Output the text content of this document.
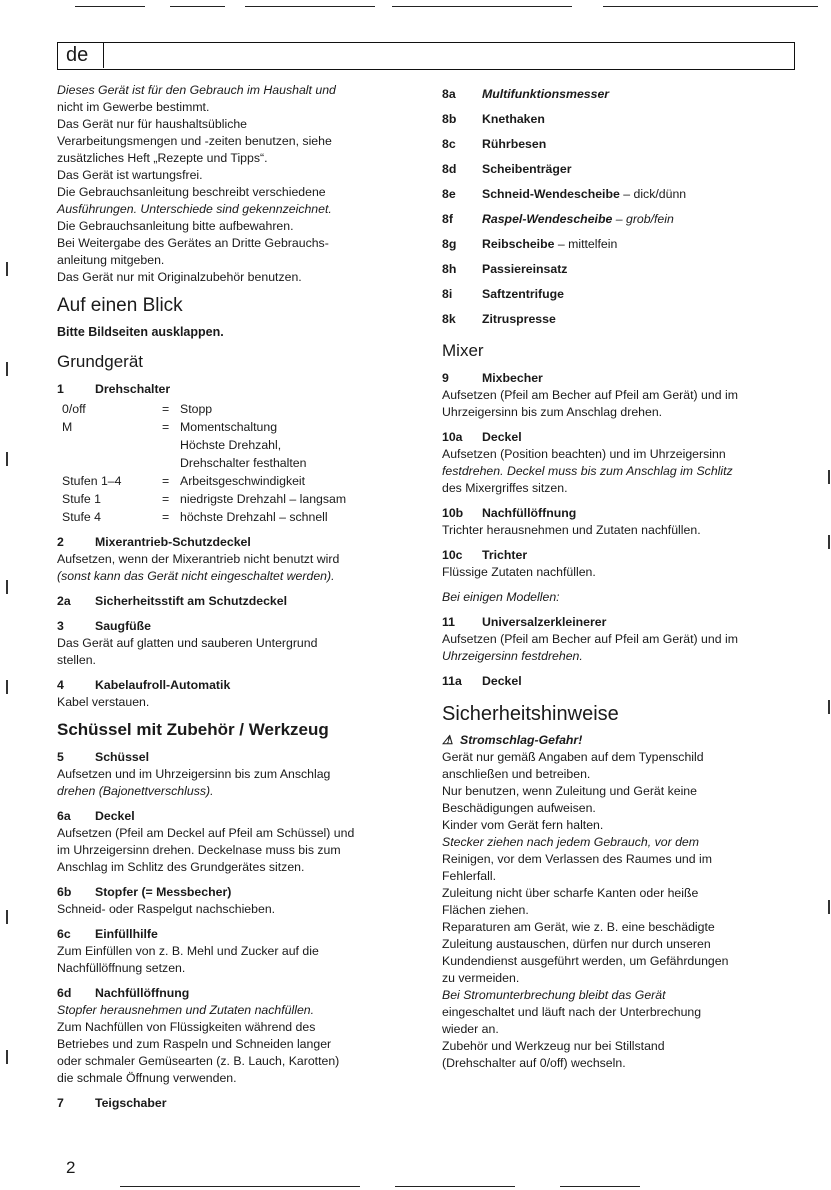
de
Dieses Gerät ist für den Gebrauch im Haushalt und
nicht im Gewerbe bestimmt.
Das Gerät nur für haushaltsübliche
Verarbeitungsmengen und -zeiten benutzen, siehe
zusätzliches Heft „Rezepte und Tipps“.
Das Gerät ist wartungsfrei.
Die Gebrauchsanleitung beschreibt verschiedene
Ausführungen. Unterschiede sind gekennzeichnet.
Die Gebrauchsanleitung bitte aufbewahren.
Bei Weitergabe des Gerätes an Dritte Gebrauchs-
anleitung mitgeben.
Das Gerät nur mit Originalzubehör benutzen.
Auf einen Blick
Bitte Bildseiten ausklappen.
Grundgerät
1	Drehschalter
0/off	= Stopp
M	= Momentschaltung
Höchste Drehzahl,
Drehschalter festhalten
Stufen 1–4	= Arbeitsgeschwindigkeit
Stufe 1	= niedrigste Drehzahl – langsam
Stufe 4	= höchste Drehzahl – schnell
2	Mixerantrieb-Schutzdeckel
Aufsetzen, wenn der Mixerantrieb nicht benutzt wird
(sonst kann das Gerät nicht eingeschaltet werden).
2a	Sicherheitsstift am Schutzdeckel
3	Saugfüße
Das Gerät auf glatten und sauberen Untergrund
stellen.
4	Kabelaufroll-Automatik
Kabel verstauen.
Schüssel mit Zubehör / Werkzeug
5	Schüssel
Aufsetzen und im Uhrzeigersinn bis zum Anschlag
drehen (Bajonettverschluss).
6a	Deckel
Aufsetzen (Pfeil am Deckel auf Pfeil am Schüssel) und
im Uhrzeigersinn drehen. Deckelnase muss bis zum
Anschlag im Schlitz des Grundgerätes sitzen.
6b	Stopfer (= Messbecher)
Schneid- oder Raspelgut nachschieben.
6c	Einfüllhilfe
Zum Einfüllen von z. B. Mehl und Zucker auf die
Nachfüllöffnung setzen.
6d	Nachfüllöffnung
Stopfer herausnehmen und Zutaten nachfüllen.
Zum Nachfüllen von Flüssigkeiten während des
Betriebes und zum Raspeln und Schneiden langer
oder schmaler Gemüsearten (z. B. Lauch, Karotten)
die schmale Öffnung verwenden.
7	Teigschaber
8a	Multifunktionsmesser
8b	Knethaken
8c	Rührbesen
8d	Scheibenträger
8e	Schneid-Wendescheibe – dick/dünn
8f	Raspel-Wendescheibe – grob/fein
8g	Reibscheibe – mittelfein
8h	Passiereinsatz
8i	Saftzentrifuge
8k	Zitruspresse
Mixer
9	Mixbecher
Aufsetzen (Pfeil am Becher auf Pfeil am Gerät) und im
Uhrzeigersinn bis zum Anschlag drehen.
10a	Deckel
Aufsetzen (Position beachten) und im Uhrzeigersinn
festdrehen. Deckel muss bis zum Anschlag im Schlitz
des Mixergriffes sitzen.
10b	Nachfüllöffnung
Trichter herausnehmen und Zutaten nachfüllen.
10c	Trichter
Flüssige Zutaten nachfüllen.
Bei einigen Modellen:
11	Universalzerkleinerer
Aufsetzen (Pfeil am Becher auf Pfeil am Gerät) und im
Uhrzeigersinn festdrehen.
11a	Deckel
Sicherheitshinweise
⚠ Stromschlag-Gefahr!
Gerät nur gemäß Angaben auf dem Typenschild
anschließen und betreiben.
Nur benutzen, wenn Zuleitung und Gerät keine
Beschädigungen aufweisen.
Kinder vom Gerät fern halten.
Stecker ziehen nach jedem Gebrauch, vor dem
Reinigen, vor dem Verlassen des Raumes und im
Fehlerfall.
Zuleitung nicht über scharfe Kanten oder heiße
Flächen ziehen.
Reparaturen am Gerät, wie z. B. eine beschädigte
Zuleitung austauschen, dürfen nur durch unseren
Kundendienst ausgeführt werden, um Gefährdungen
zu vermeiden.
Bei Stromunterbrechung bleibt das Gerät
eingeschaltet und läuft nach der Unterbrechung
wieder an.
Zubehör und Werkzeug nur bei Stillstand
(Drehschalter auf 0/off) wechseln.
2
